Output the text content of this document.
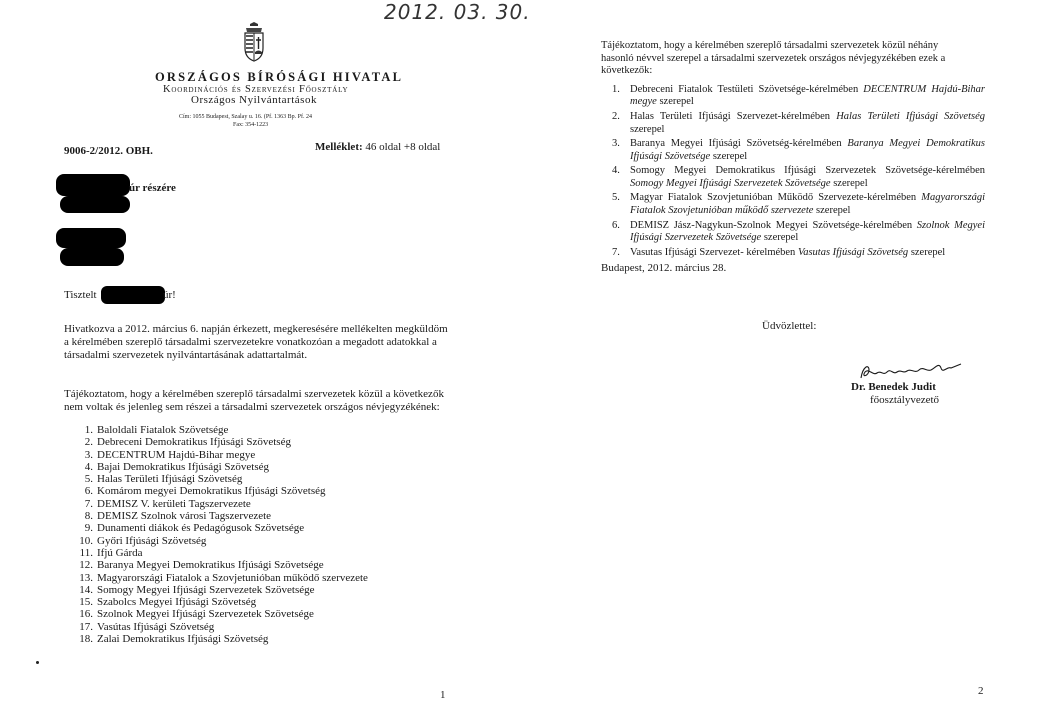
2012. 03. 30.
ORSZÁGOS BÍRÓSÁGI HIVATAL
Koordinációs és Szervezési Főosztály
Országos Nyilvántartások
Cím: 1055 Budapest, Szalay u. 16. (Pf. 1363 Bp. Pf. 24
Fax: 354-1223
9006-2/2012. OBH.	Melléklet: 46 oldal +8 oldal
úr részére
Tisztelt	úr!
Hivatkozva a 2012. március 6. napján érkezett, megkeresésére mellékelten megküldöm
a kérelmében szereplő társadalmi szervezetekre vonatkozóan a megadott adatokkal a
társadalmi szervezetek nyilvántartásának adattartalmát.
Tájékoztatom, hogy a kérelmében szereplő társadalmi szervezetek közül a következők
nem voltak és jelenleg sem részei a társadalmi szervezetek országos névjegyzékének:
1. Baloldali Fiatalok Szövetsége
2. Debreceni Demokratikus Ifjúsági Szövetség
3. DECENTRUM Hajdú-Bihar megye
4. Bajai Demokratikus Ifjúsági Szövetség
5. Halas Területi Ifjúsági Szövetség
6. Komárom megyei Demokratikus Ifjúsági Szövetség
7. DEMISZ V. kerületi Tagszervezete
8. DEMISZ Szolnok városi Tagszervezete
9. Dunamenti diákok és Pedagógusok Szövetsége
10. Győri Ifjúsági Szövetség
11. Ifjú Gárda
12. Baranya Megyei Demokratikus Ifjúsági Szövetsége
13. Magyarországi Fiatalok a Szovjetunióban működő szervezete
14. Somogy Megyei Ifjúsági Szervezetek Szövetsége
15. Szabolcs Megyei Ifjúsági Szövetség
16. Szolnok Megyei Ifjúsági Szervezetek Szövetsége
17. Vasútas Ifjúsági Szövetség
18. Zalai Demokratikus Ifjúsági Szövetség
1
Tájékoztatom, hogy a kérelmében szereplő társadalmi szervezetek közül néhány
hasonló névvel szerepel a társadalmi szervezetek országos névjegyzékében ezek a
következők:
1. Debreceni Fiatalok Testületi Szövetsége-kérelmében DECENTRUM Hajdú-Bihar megye szerepel
2. Halas Területi Ifjúsági Szervezet-kérelmében Halas Területi Ifjúsági Szövetség szerepel
3. Baranya Megyei Ifjúsági Szövetség-kérelmében Baranya Megyei Demokratikus Ifjúsági Szövetsége szerepel
4. Somogy Megyei Demokratikus Ifjúsági Szervezetek Szövetsége-kérelmében Somogy Megyei Ifjúsági Szervezetek Szövetsége szerepel
5. Magyar Fiatalok Szovjetunióban Működő Szervezete-kérelmében Magyarországi Fiatalok Szovjetunióban működő szervezete szerepel
6. DEMISZ Jász-Nagykun-Szolnok Megyei Szövetsége-kérelmében Szolnok Megyei Ifjúsági Szervezetek Szövetsége szerepel
7. Vasutas Ifjúsági Szervezet- kérelmében Vasutas Ifjúsági Szövetség szerepel
Budapest, 2012. március 28.
Üdvözlettel:
Dr. Benedek Judit
főosztályvezető
2
